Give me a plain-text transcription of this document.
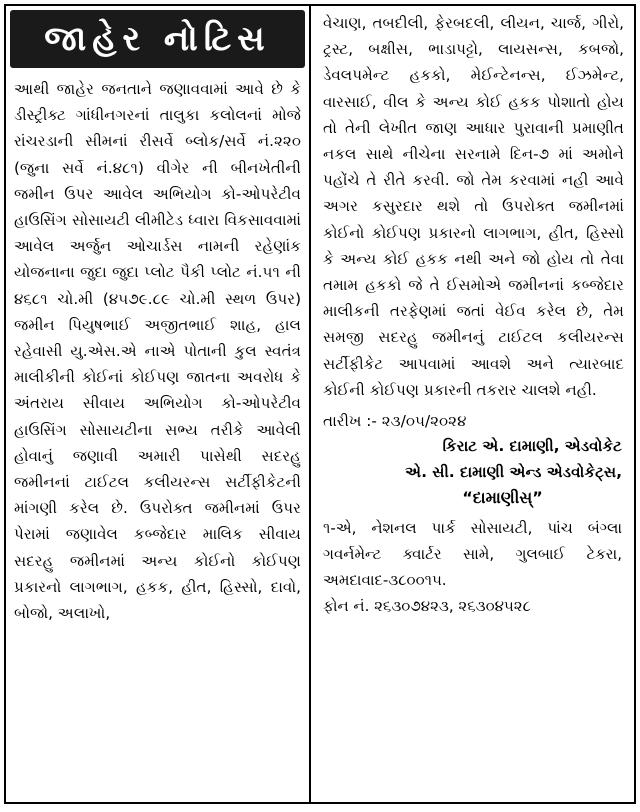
જાહેર નોટિસ
આથી જાહેર જનતાને જણાવવામાં આવે છે કે ડીસ્ટ્રીક્ટ ગાંધીનગરનાં તાલુકા કલોલનાં મોજે રાંચરડાની સીમનાં રીસર્વે બ્લોક/સર્વે નં.૨૨૦ (જુના સર્વે નં.૪૮૧) વીગેર ની બીનખેતીની જમીન ઉપર આવેલ અભિયોગ કો-ઓપરેટીવ હાઉસિંગ સોસાયટી લીમીટેડ ધ્વારા વિકસાવવામાં આવેલ અર્જુન ઓચાર્ડસ નામની રહેણાંક યોજનાના જુદા જુદા પ્લોટ પૈકી પ્લોટ નં.૫૧ ની ૪૬૮૧ ચો.મી (૪૫૭૯.૮૯ ચો.મી સ્થળ ઉપર) જમીન પિયુષભાઈ અજીતભાઈ શાહ, હાલ રહેવાસી યુ.એસ.એ નાએ પોતાની કુલ સ્વતંત્ર માલીકીની કોઈનાં કોઈપણ જાતના અવરોધ કે અંતરાય સીવાય અભિયોગ કો-ઓપરેટીવ હાઉસિંગ સોસાયટીના સભ્ય તરીકે આવેલી હોવાનું જણાવી અમારી પાસેથી સદરહુ જમીનનાં ટાઈટલ કલીયરન્સ સર્ટીફીકેટની માંગણી કરેલ છે. ઉપરોક્ત જમીનમાં ઉપર પેરામાં જણાવેલ કબ્જેદાર માલિક સીવાય સદરહુ જમીનમાં અન્ય કોઈનો કોઈપણ પ્રકારનો લાગભાગ, હકક, હીત, હિસ્સો, દાવો, બોજો, અલાખો,
વેચાણ, તબદીલી, ફેરબદલી, લીયન, ચાર્જ, ગીરો, ટ્રસ્ટ, બક્ષીસ, ભાડાપટ્ટો, લાયસન્સ, કબજો, ડેવલપમેન્ટ હકકો, મેઈન્ટેનન્સ, ઈઝમેન્ટ, વારસાઈ, વીલ કે અન્ય કોઈ હકક પોશાતો હોય તો તેની લેખીત જાણ આધાર પુરાવાની પ્રમાણીત નકલ સાથે નીચેના સરનામે દિન-૭ માં અમોને પહોંચે તે રીતે કરવી. જો તેમ કરવામાં નહી આવે અગર કસુરદાર થશે તો ઉપરોક્ત જમીનમાં કોઈનો કોઈપણ પ્રકારનો લાગભાગ, હીત, હિસ્સો કે અન્ય કોઈ હકક નથી અને જો હોય તો તેવા તમામ હકકો જે તે ઈસમોએ જમીનનાં કબ્જેદાર માલીકની તરફેણમાં જતાં વેઈવ કરેલ છે, તેમ સમજી સદરહુ જમીનનું ટાઈટલ કલીયરન્સ સર્ટીફીકેટ આપવામાં આવશે અને ત્યારબાદ કોઈની કોઈપણ પ્રકારની તકરાર ચાલશે નહી.
તારીખ :- ૨૩/૦૫/૨૦૨૪
કિરાટ એ. દામાણી, એડવોકેટ
એ. સી. દામાણી એન્ડ એડવોકેટ્સ,
“દામાણીસ્”
૧-એ, નેશનલ પાર્ક સોસાયટી, પાંચ બંગ્લા ગવર્નમેન્ટ ક્વાર્ટર સામે, ગુલબાઈ ટેકરા, અમદાવાદ-૩૮૦૦૧૫.
ફોન નં. ૨૬૩૦૭૪૨૩, ૨૬૩૦૪૫૨૮
